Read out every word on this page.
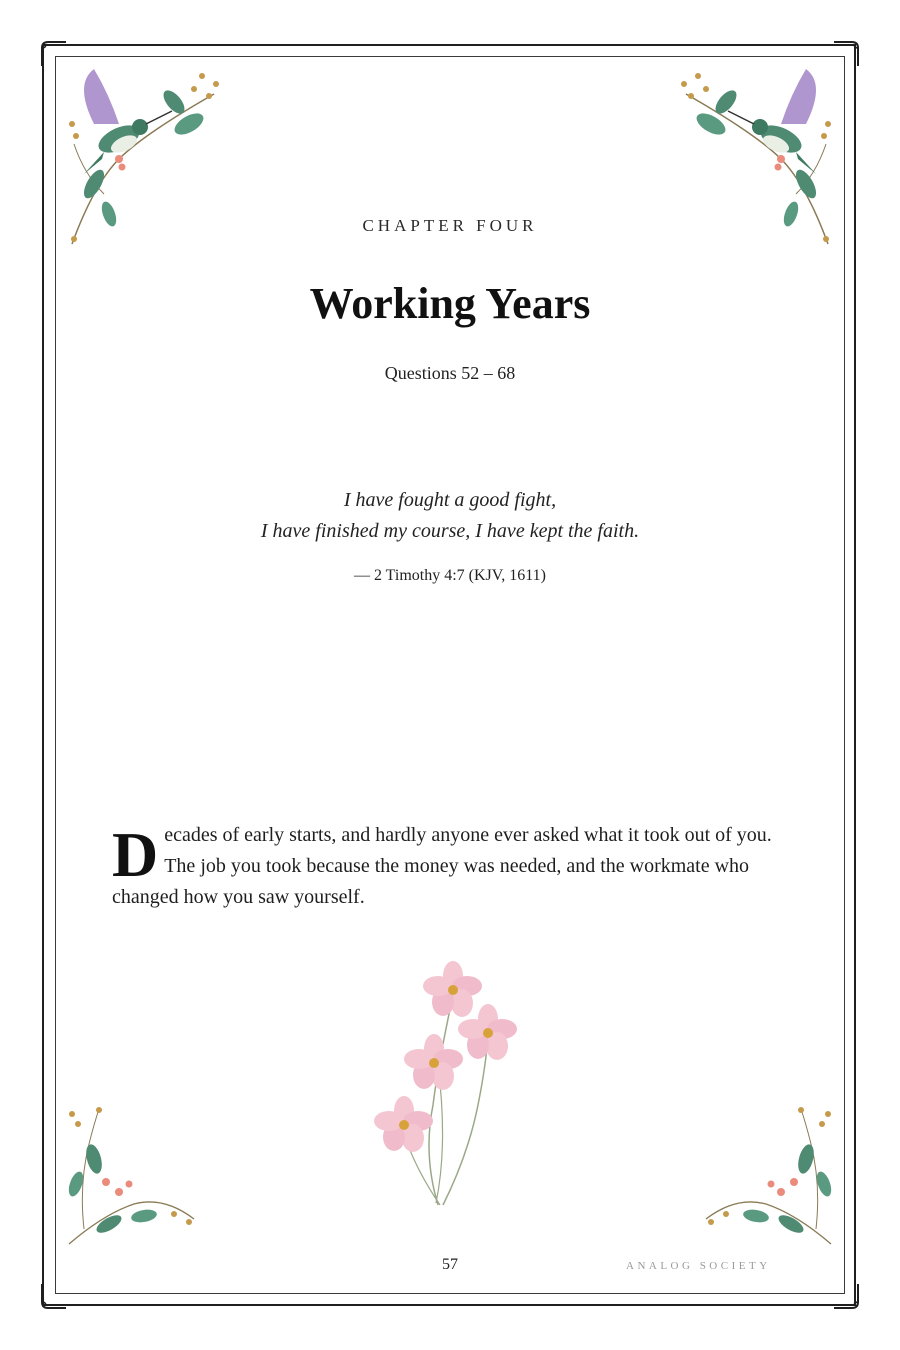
CHAPTER FOUR
Working Years
Questions 52 – 68
I have fought a good fight,
I have finished my course, I have kept the faith.
— 2 Timothy 4:7 (KJV, 1611)
Decades of early starts, and hardly anyone ever asked what it took out of you. The job you took because the money was needed, and the workmate who changed how you saw yourself.
57	ANALOG SOCIETY
